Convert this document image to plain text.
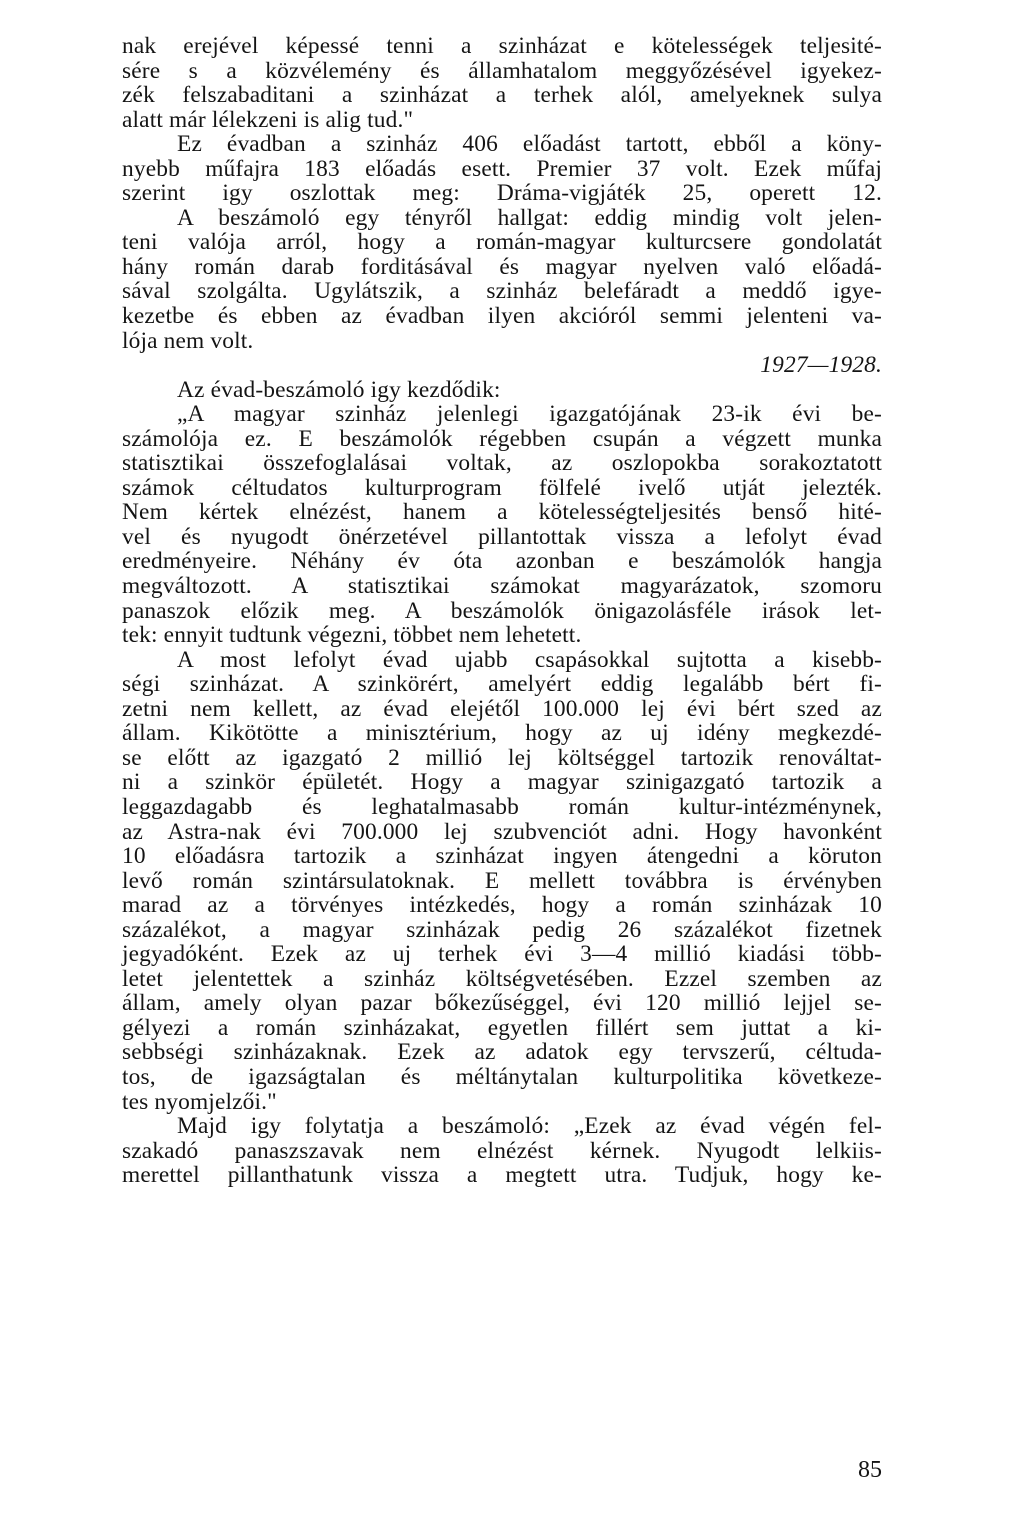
nak erejével képessé tenni a szinházat e kötelességek teljesité-
sére s a közvélemény és államhatalom meggyőzésével igyekez-
zék felszabaditani a szinházat a terhek alól, amelyeknek sulya
alatt már lélekzeni is alig tud."
Ez évadban a szinház 406 előadást tartott, ebből a köny-
nyebb műfajra 183 előadás esett. Premier 37 volt. Ezek műfaj
szerint igy oszlottak meg: Dráma-vigjáték 25, operett 12.
A beszámoló egy tényről hallgat: eddig mindig volt jelen-
teni valója arról, hogy a román-magyar kulturcsere gondolatát
hány román darab forditásával és magyar nyelven való előadá-
sával szolgálta. Ugylátszik, a szinház belefáradt a meddő igye-
kezetbe és ebben az évadban ilyen akcióról semmi jelenteni va-
lója nem volt.
1927—1928.
Az évad-beszámoló igy kezdődik:
„A magyar szinház jelenlegi igazgatójának 23-ik évi be-
számolója ez. E beszámolók régebben csupán a végzett munka
statisztikai összefoglalásai voltak, az oszlopokba sorakoztatott
számok céltudatos kulturprogram fölfelé ivelő utját jelezték.
Nem kértek elnézést, hanem a kötelességteljesités benső hité-
vel és nyugodt önérzetével pillantottak vissza a lefolyt évad
eredményeire. Néhány év óta azonban e beszámolók hangja
megváltozott. A statisztikai számokat magyarázatok, szomoru
panaszok előzik meg. A beszámolók önigazolásféle irások let-
tek: ennyit tudtunk végezni, többet nem lehetett.
A most lefolyt évad ujabb csapásokkal sujtotta a kisebb-
ségi szinházat. A szinkörért, amelyért eddig legalább bért fi-
zetni nem kellett, az évad elejétől 100.000 lej évi bért szed az
állam. Kikötötte a minisztérium, hogy az uj idény megkezdé-
se előtt az igazgató 2 millió lej költséggel tartozik renováltat-
ni a szinkör épületét. Hogy a magyar szinigazgató tartozik a
leggazdagabb és leghatalmasabb román kultur-intézménynek,
az Astra-nak évi 700.000 lej szubvenciót adni. Hogy havonként
10 előadásra tartozik a szinházat ingyen átengedni a köruton
levő román szintársulatoknak. E mellett továbbra is érvényben
marad az a törvényes intézkedés, hogy a román szinházak 10
százalékot, a magyar szinházak pedig 26 százalékot fizetnek
jegyadóként. Ezek az uj terhek évi 3—4 millió kiadási több-
letet jelentettek a szinház költségvetésében. Ezzel szemben az
állam, amely olyan pazar bőkezűséggel, évi 120 millió lejjel se-
gélyezi a román szinházakat, egyetlen fillért sem juttat a ki-
sebbségi szinházaknak. Ezek az adatok egy tervszerű, céltuda-
tos, de igazságtalan és méltánytalan kulturpolitika következe-
tes nyomjelzői."
Majd igy folytatja a beszámoló: „Ezek az évad végén fel-
szakadó panaszszavak nem elnézést kérnek. Nyugodt lelkiis-
merettel pillanthatunk vissza a megtett utra. Tudjuk, hogy ke-
85
